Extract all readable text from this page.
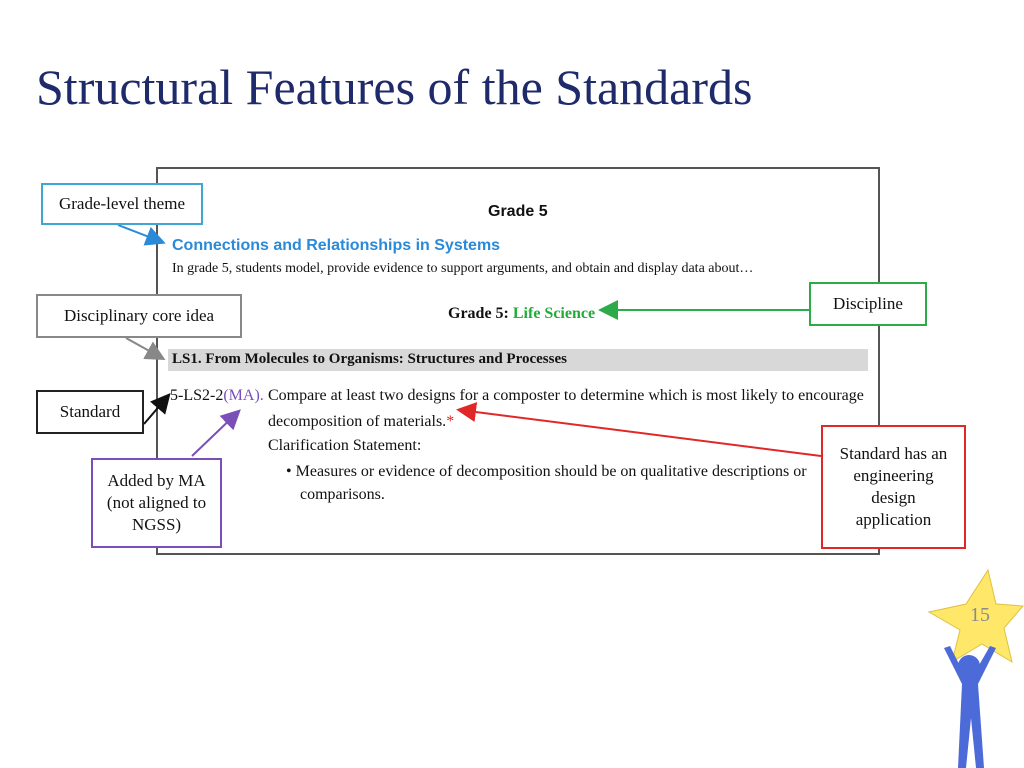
Structural Features of the Standards
Grade 5
Connections and Relationships in Systems
In grade 5, students model, provide evidence to support arguments, and obtain and display data about…
Grade 5: Life Science
LS1. From Molecules to Organisms: Structures and Processes
5-LS2-2(MA). Compare at least two designs for a composter to determine which is most likely to encourage
decomposition of materials.*
Clarification Statement:
• Measures or evidence of decomposition should be on qualitative descriptions or
comparisons.
Grade-level theme
Disciplinary core idea
Standard
Added by MA
(not aligned to
NGSS)
Discipline
Standard has an
engineering
design
application
15
